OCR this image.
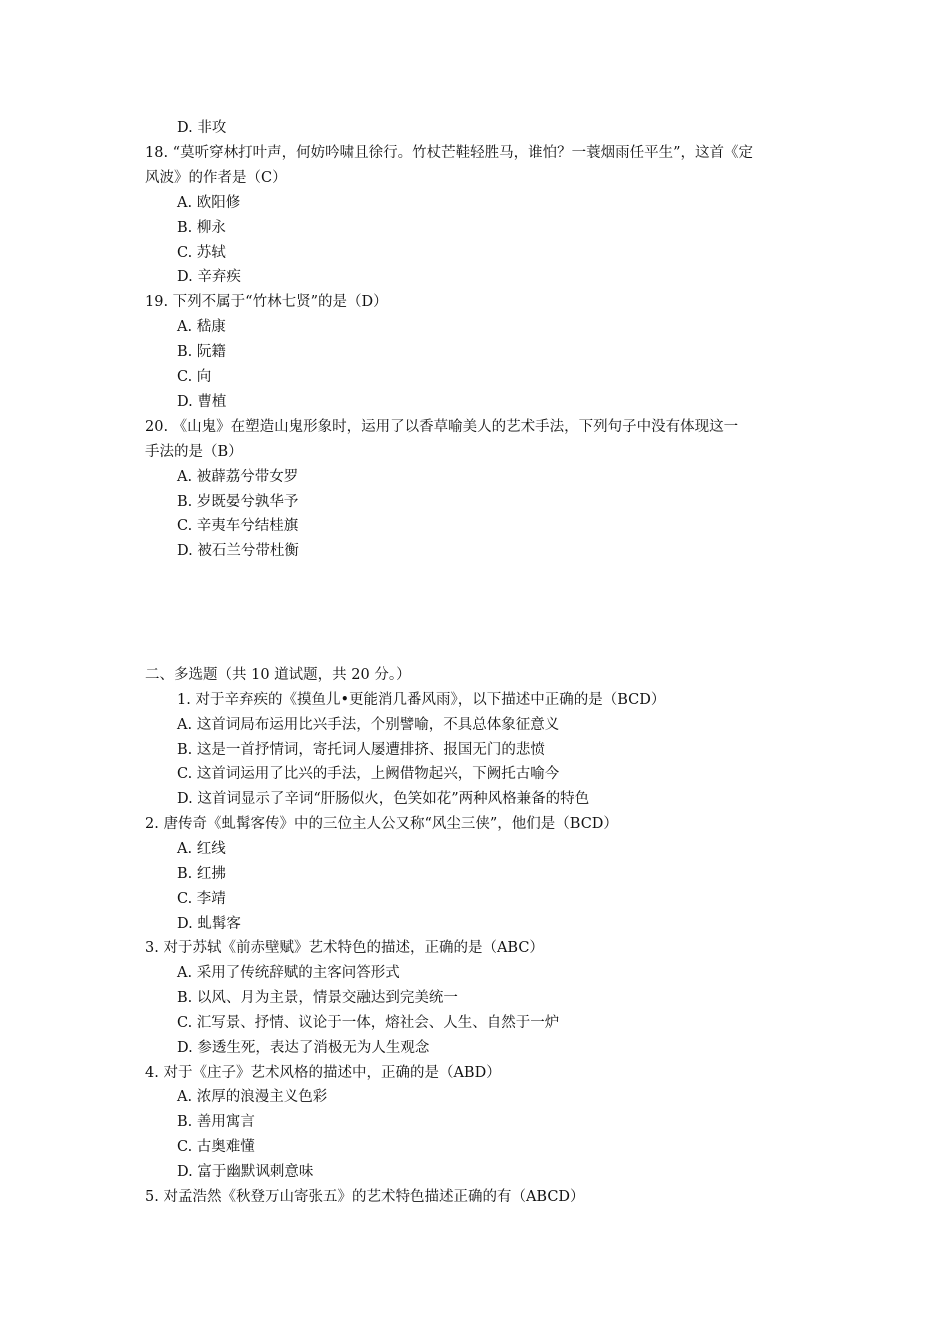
D. 非攻
18. “莫听穿林打叶声，何妨吟啸且徐行。竹杖芒鞋轻胜马，谁怕？一蓑烟雨任平生”，这首《定
风波》的作者是（C）
A. 欧阳修
B. 柳永
C. 苏轼
D. 辛弃疾
19. 下列不属于“竹林七贤”的是（D）
A. 嵇康
B. 阮籍
C. 向
D. 曹植
20. 《山鬼》在塑造山鬼形象时，运用了以香草喻美人的艺术手法，下列句子中没有体现这一
手法的是（B）
A. 被薜荔兮带女罗
B. 岁既晏兮孰华予
C. 辛夷车兮结桂旗
D. 被石兰兮带杜衡
二、多选题（共 10 道试题，共 20 分。）
1. 对于辛弃疾的《摸鱼儿•更能消几番风雨》，以下描述中正确的是（BCD）
A. 这首词局布运用比兴手法，个别譬喻，不具总体象征意义
B. 这是一首抒情词，寄托词人屡遭排挤、报国无门的悲愤
C. 这首词运用了比兴的手法，上阙借物起兴，下阙托古喻今
D. 这首词显示了辛词“肝肠似火，色笑如花”两种风格兼备的特色
2. 唐传奇《虬髯客传》中的三位主人公又称“风尘三侠”，他们是（BCD）
A. 红线
B. 红拂
C. 李靖
D. 虬髯客
3. 对于苏轼《前赤壁赋》艺术特色的描述，正确的是（ABC）
A. 采用了传统辞赋的主客问答形式
B. 以风、月为主景，情景交融达到完美统一
C. 汇写景、抒情、议论于一体，熔社会、人生、自然于一炉
D. 参透生死，表达了消极无为人生观念
4. 对于《庄子》艺术风格的描述中，正确的是（ABD）
A. 浓厚的浪漫主义色彩
B. 善用寓言
C. 古奥难懂
D. 富于幽默讽刺意味
5. 对孟浩然《秋登万山寄张五》的艺术特色描述正确的有（ABCD）
